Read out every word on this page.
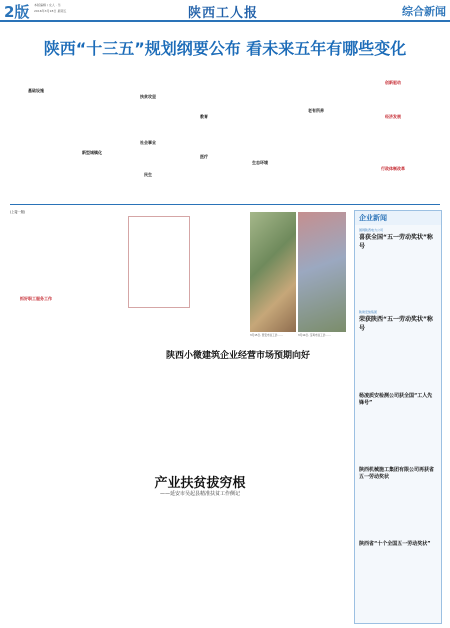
2版 本版编辑 / 女人 · 乐
2016年3月18日 星期五	陕西工人报	综合新闻
陕西“十三五”规划纲要公布 看未来五年有哪些变化
基础设施
新型城镇化
扶贫攻坚
社会事业
民生
教育
医疗
生态环境
老有所养
创新驱动
经济发展
行政体制改革
(上接一版)
抓好职工服务工作
3月15日, 西安市总工会……	3月14日, 宝鸡市总工会……
陕西小微建筑企业经营市场预期向好
产业扶贫拔穷根
——延安市吴起县精准扶贫工作侧记
企业新闻
国网陕西电力公司
喜获全国“五一劳动奖状”称号
陕建安装集团
荣获陕西“五一劳动奖状”称号
杨凌质安检测公司获全国“工人先锋号”
陕西机械施工集团有限公司再获省五一劳动奖状
陕西省“十个全国五一劳动奖状”
